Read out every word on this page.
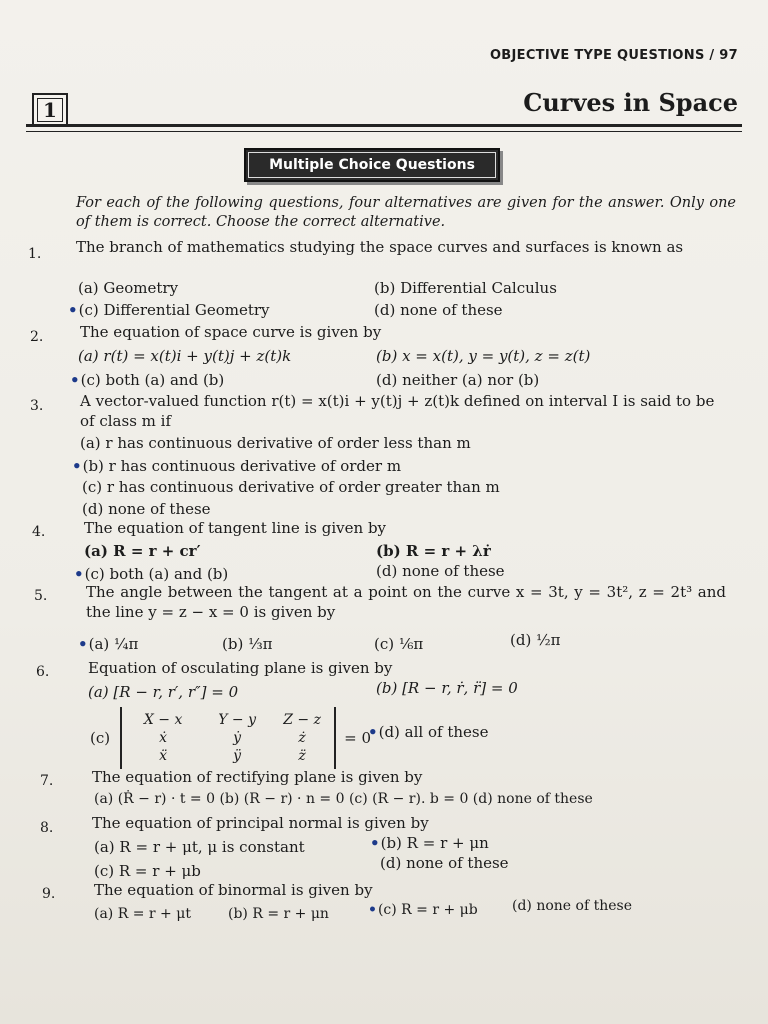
OBJECTIVE TYPE QUESTIONS / 97
1	Curves in Space
Multiple Choice Questions
For each of the following questions, four alternatives are given for the answer. Only one of them is correct. Choose the correct alternative.
1. The branch of mathematics studying the space curves and surfaces is known as
(a) Geometry	(b) Differential Calculus
•(c) Differential Geometry	(d) none of these
2. The equation of space curve is given by
(a) r(t) = x(t)i + y(t)j + z(t)k	(b) x = x(t), y = y(t), z = z(t)
•(c) both (a) and (b)	(d) neither (a) nor (b)
3. A vector-valued function r(t) = x(t)i + y(t)j + z(t)k defined on interval I is said to be of class m if
(a) r has continuous derivative of order less than m
•(b) r has continuous derivative of order m
(c) r has continuous derivative of order greater than m
(d) none of these
4.	The equation of tangent line is given by
(a) R = r + cr′	(b) R = r + λṙ
•(c) both (a) and (b)	(d) none of these
5.	The angle between the tangent at a point on the curve x = 3t, y = 3t², z = 2t³ and the line y = z − x = 0 is given by
•(a) ¼π	(b) ⅓π	(c) ⅙π	(d) ½π
6.	Equation of osculating plane is given by
(a) [R − r, r′, r″] = 0	(b) [R − r, ṙ, r̈] = 0
(c)
X − x	Y − y	Z − z
ẋ	ẏ	ż
ẍ	ÿ	z̈
= 0
•(d) all of these
7.	The equation of rectifying plane is given by
(a) (Ṙ − r) · t = 0 (b) (R − r) · n = 0 (c) (R − r). b = 0 (d) none of these
8.	The equation of principal normal is given by
(a) R = r + μt, μ is constant	•(b) R = r + μn
(c) R = r + μb	(d) none of these
9.	The equation of binormal is given by
(a) R = r + μt	(b) R = r + μn	•(c) R = r + μb (d) none of these
